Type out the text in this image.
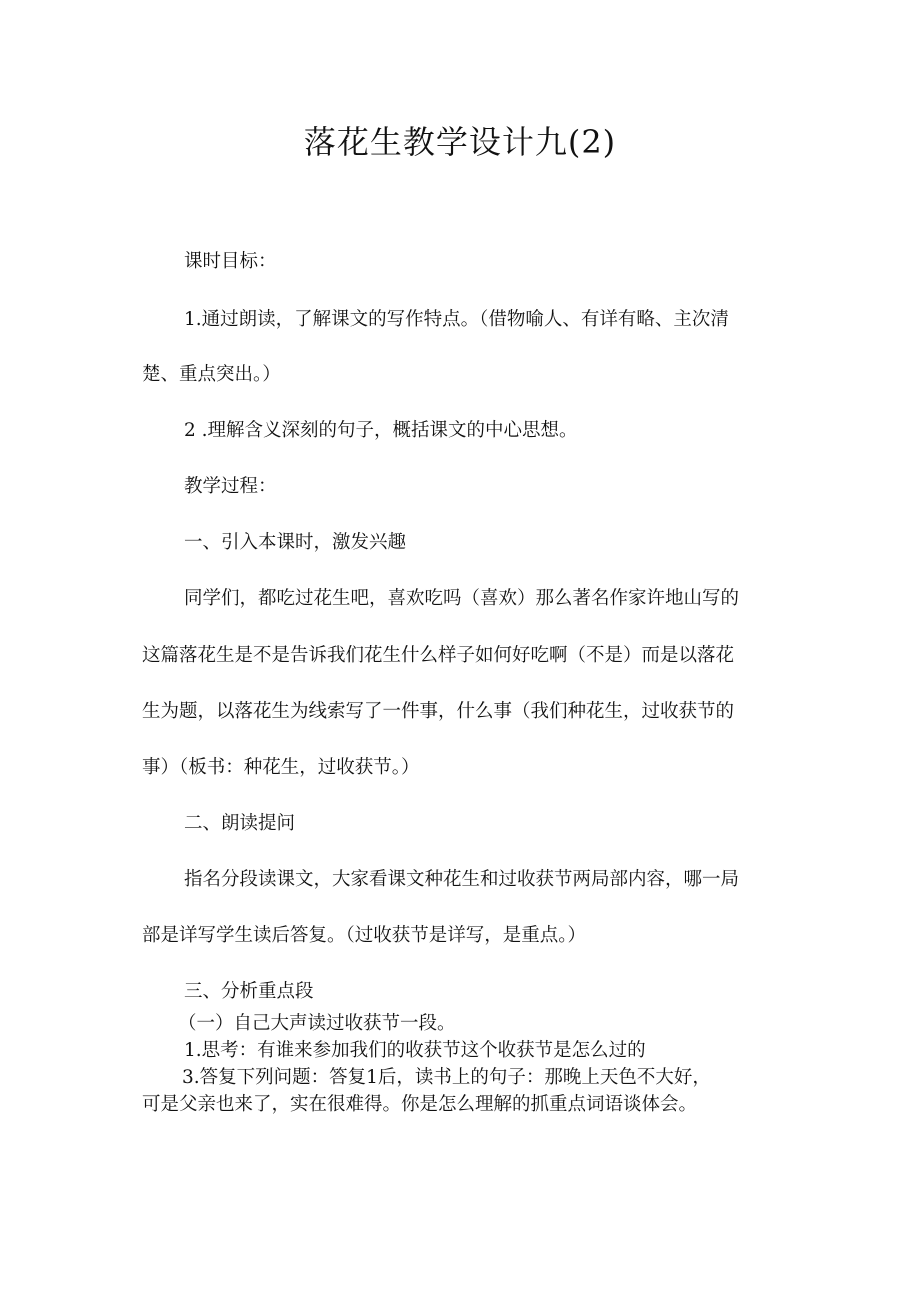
落花生教学设计九(2)

课时目标：

1.通过朗读，了解课文的写作特点。（借物喻人、有详有略、主次清

楚、重点突出。）

2 .理解含义深刻的句子，概括课文的中心思想。

教学过程：

一、引入本课时，激发兴趣

同学们，都吃过花生吧，喜欢吃吗（喜欢）那么著名作家许地山写的

这篇落花生是不是告诉我们花生什么样子如何好吃啊（不是）而是以落花

生为题，以落花生为线索写了一件事，什么事（我们种花生，过收获节的

事）（板书：种花生，过收获节。）

二、朗读提问

指名分段读课文，大家看课文种花生和过收获节两局部内容，哪一局

部是详写学生读后答复。（过收获节是详写，是重点。）

三、分析重点段

（一）自己大声读过收获节一段。

1.思考：有谁来参加我们的收获节这个收获节是怎么过的

3.答复下列问题：答复1后，读书上的句子：那晚上天色不大好，

可是父亲也来了，实在很难得。你是怎么理解的抓重点词语谈体会。
